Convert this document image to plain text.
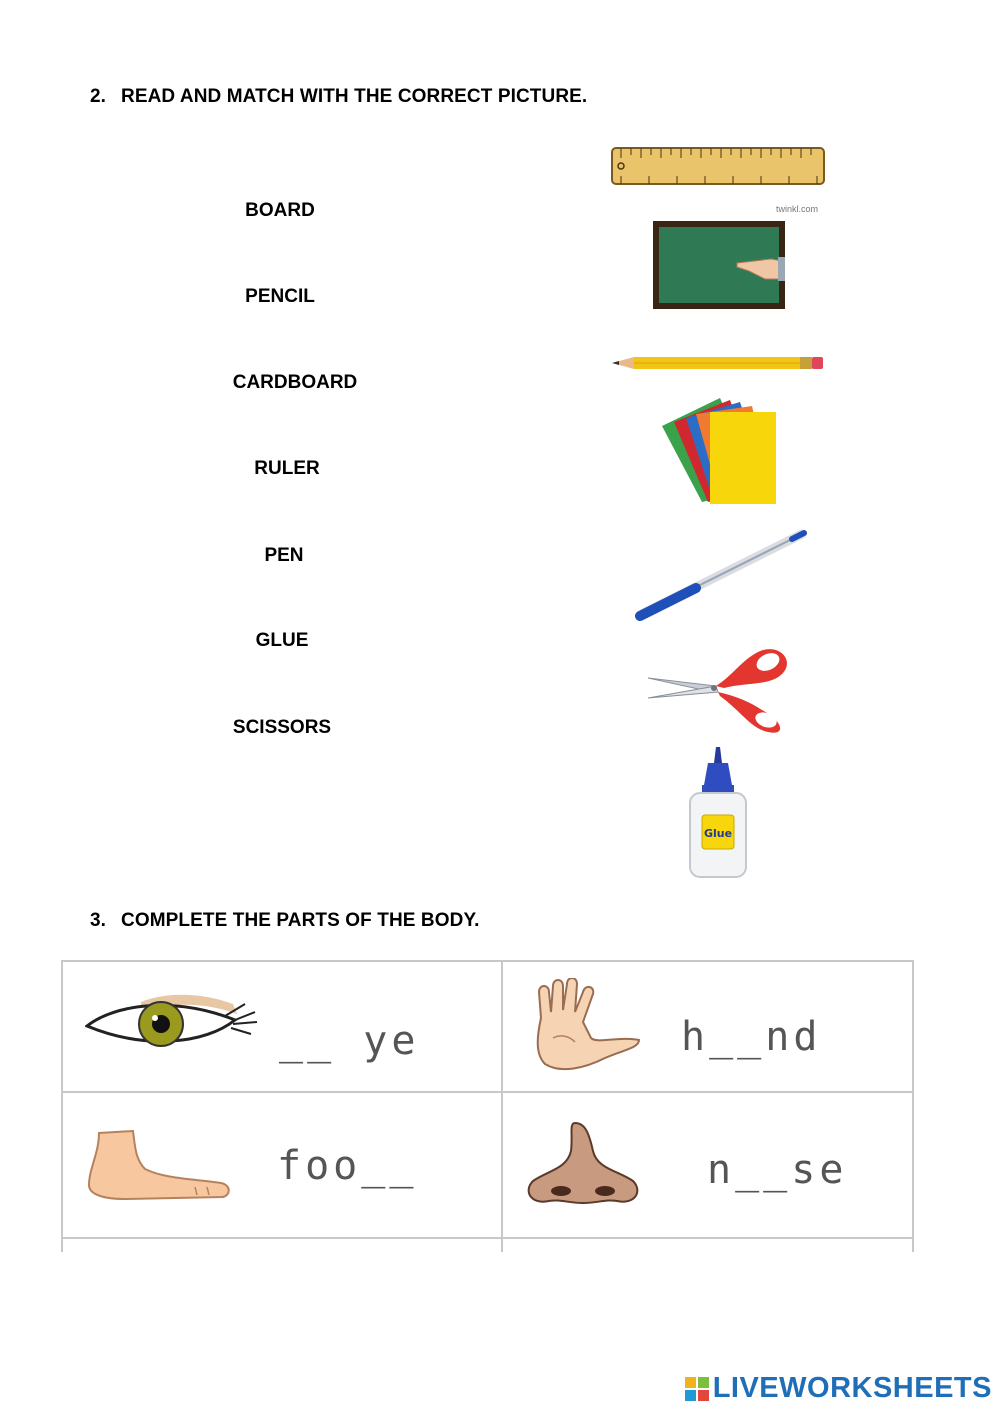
2. READ AND MATCH WITH THE CORRECT PICTURE.
BOARD
PENCIL
CARDBOARD
RULER
PEN
GLUE
SCISSORS
twinkl.com
Glue
3. COMPLETE THE PARTS OF THE BODY.
__ ye	h__nd
foo__	n__se
LIVEWORKSHEETS
